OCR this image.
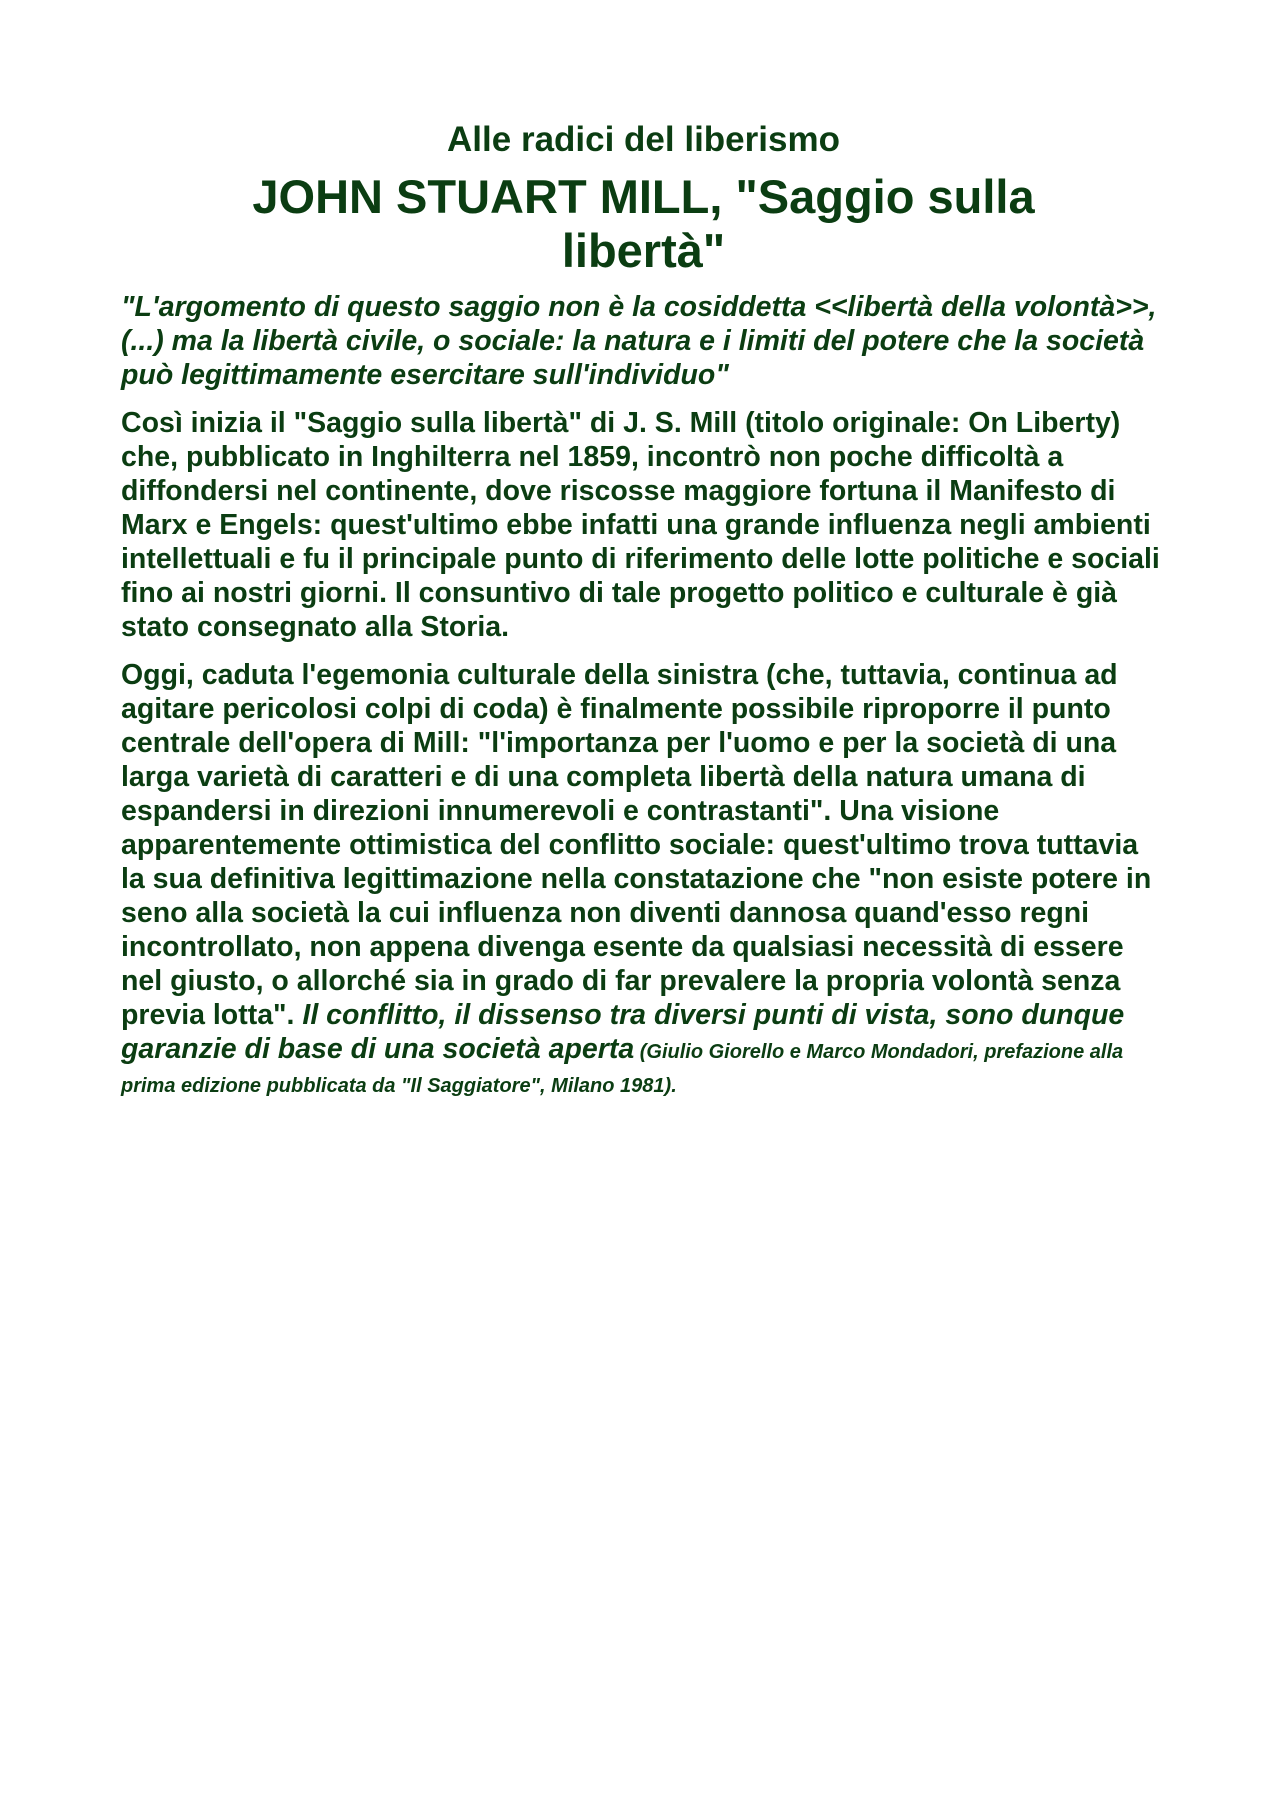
Alle radici del liberismo
JOHN STUART MILL, "Saggio sulla libertà"

"L'argomento di questo saggio non è la cosiddetta <<libertà della volontà>>, (...) ma la libertà civile, o sociale: la natura e i limiti del potere che la società può legittimamente esercitare sull'individuo"

Così inizia il "Saggio sulla libertà" di J. S. Mill (titolo originale: On Liberty) che, pubblicato in Inghilterra nel 1859, incontrò non poche difficoltà a diffondersi nel continente, dove riscosse maggiore fortuna il Manifesto di Marx e Engels: quest'ultimo ebbe infatti una grande influenza negli ambienti intellettuali e fu il principale punto di riferimento delle lotte politiche e sociali fino ai nostri giorni. Il consuntivo di tale progetto politico e culturale è già stato consegnato alla Storia.

Oggi, caduta l'egemonia culturale della sinistra (che, tuttavia, continua ad agitare pericolosi colpi di coda) è finalmente possibile riproporre il punto centrale dell'opera di Mill: "l'importanza per l'uomo e per la società di una larga varietà di caratteri e di una completa libertà della natura umana di espandersi in direzioni innumerevoli e contrastanti". Una visione apparentemente ottimistica del conflitto sociale: quest'ultimo trova tuttavia la sua definitiva legittimazione nella constatazione che "non esiste potere in seno alla società la cui influenza non diventi dannosa quand'esso regni incontrollato, non appena divenga esente da qualsiasi necessità di essere nel giusto, o allorché sia in grado di far prevalere la propria volontà senza previa lotta". Il conflitto, il dissenso tra diversi punti di vista, sono dunque garanzie di base di una società aperta (Giulio Giorello e Marco Mondadori, prefazione alla prima edizione pubblicata da "Il Saggiatore", Milano 1981).
